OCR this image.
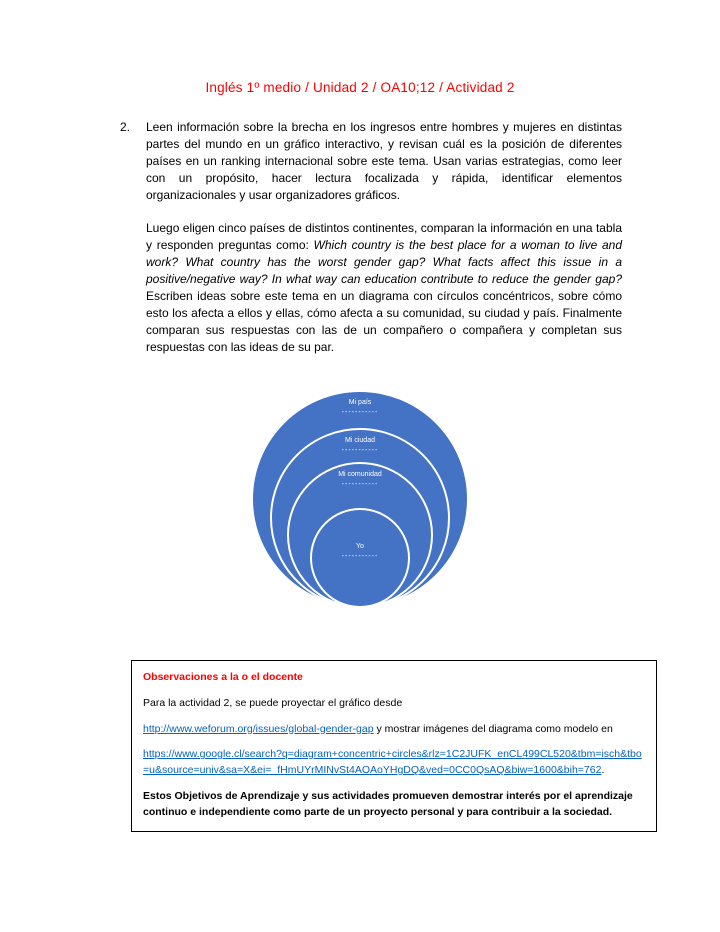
Inglés 1º medio / Unidad 2 / OA10;12 / Actividad 2
2.	Leen información sobre la brecha en los ingresos entre hombres y mujeres en distintas partes del mundo en un gráfico interactivo, y revisan cuál es la posición de diferentes países en un ranking internacional sobre este tema. Usan varias estrategias, como leer con un propósito, hacer lectura focalizada y rápida, identificar elementos organizacionales y usar organizadores gráficos.

Luego eligen cinco países de distintos continentes, comparan la información en una tabla y responden preguntas como: Which country is the best place for a woman to live and work? What country has the worst gender gap? What facts affect this issue in a positive/negative way? In what way can education contribute to reduce the gender gap? Escriben ideas sobre este tema en un diagrama con círculos concéntricos, sobre cómo esto los afecta a ellos y ellas, cómo afecta a su comunidad, su ciudad y país. Finalmente comparan sus respuestas con las de un compañero o compañera y completan sus respuestas con las ideas de su par.

Mi país
-----------
Mi ciudad
-----------
Mi comunidad
-----------
Yo
-----------
Observaciones a la o el docente

Para la actividad 2, se puede proyectar el gráfico desde

http://www.weforum.org/issues/global-gender-gap y mostrar imágenes del diagrama como modelo en

https://www.google.cl/search?q=diagram+concentric+circles&rlz=1C2JUFK_enCL499CL520&tbm=isch&tbo=u&source=univ&sa=X&ei=_fHmUYrMINvSt4AOAoYHgDQ&ved=0CC0QsAQ&biw=1600&bih=762.

Estos Objetivos de Aprendizaje y sus actividades promueven demostrar interés por el aprendizaje continuo e independiente como parte de un proyecto personal y para contribuir a la sociedad.
